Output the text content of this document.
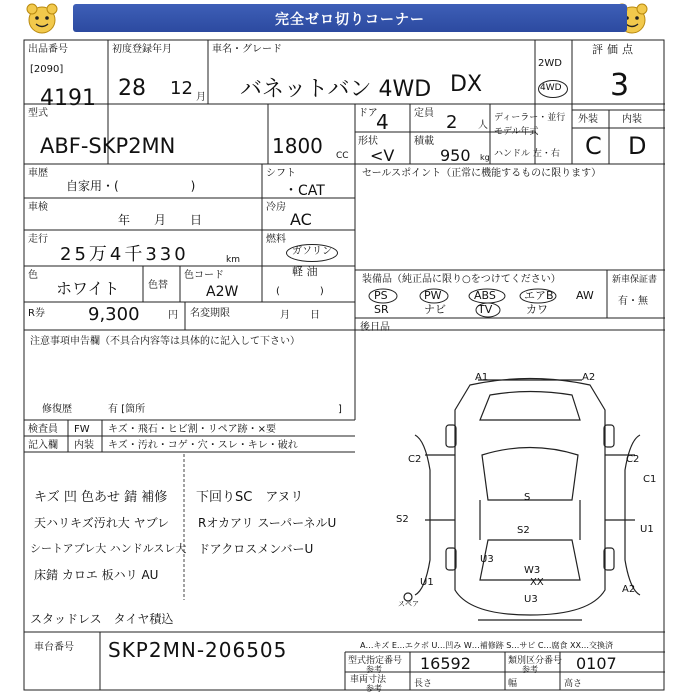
完全ゼロ切りコーナー
出品番号
[2090]
4191
初度登録年月
28 12 月
車名・グレード
バネットバン 4WD DX
2WD
4WD
評価点
3
外装 内装
C D
型式
ABF-SKP2MN	1800 CC
ドア
4	定員 2 人
形状
<V
積載
950 kg
ディーラー・並行
モデル年式
ハンドル 左・右
車歴
自家用・(　　　　　　)
車検
年　　月　　日
走行
25万4千330	km
色
ホワイト	色替
色コード
A2W
シフト
・CAT
冷房
AC
燃料
ガソリン
軽 油
(　　　　)
R券 9,300	円 名変期限	月　　日
セールスポイント（正常に機能するものに限ります）
装備品（純正品に限り○をつけてください）	新車保証書
有・無
PS	PW	ABS	エアB AW
SR	ナビ	TV	カワ
後日品
注意事項申告欄（不具合内容等は具体的に記入して下さい）
修復歴	有 [箇所	]
検査員
記入欄
FW キズ・飛石・ヒビ割・リペア跡・×要
内装 キズ・汚れ・コゲ・穴・スレ・キレ・破れ
キズ 凹 色あせ 錆 補修
天ハリキズ汚れ大 ヤブレ
シートアブレ大 ハンドルスレ大
床錆 カロエ 板ハリ AU
下回りSC　アヌリ
Rオカアリ スーパーネルU
ドアクロスメンバーU
スタッドレス　タイヤ積込
A1	A2
C2	C2
C1
U1
S2
S2
U3
U1
W3
XX
U3
A2
S
スペア
車台番号 SKP2MN-206505	A…キズ E…エクボ U…凹み W…補修跡 S…サビ C…腐食 XX…交換済
型式指定番号
参考 16592	類別区分番号
参考 0107
車両寸法
参考	長さ	幅	高さ
